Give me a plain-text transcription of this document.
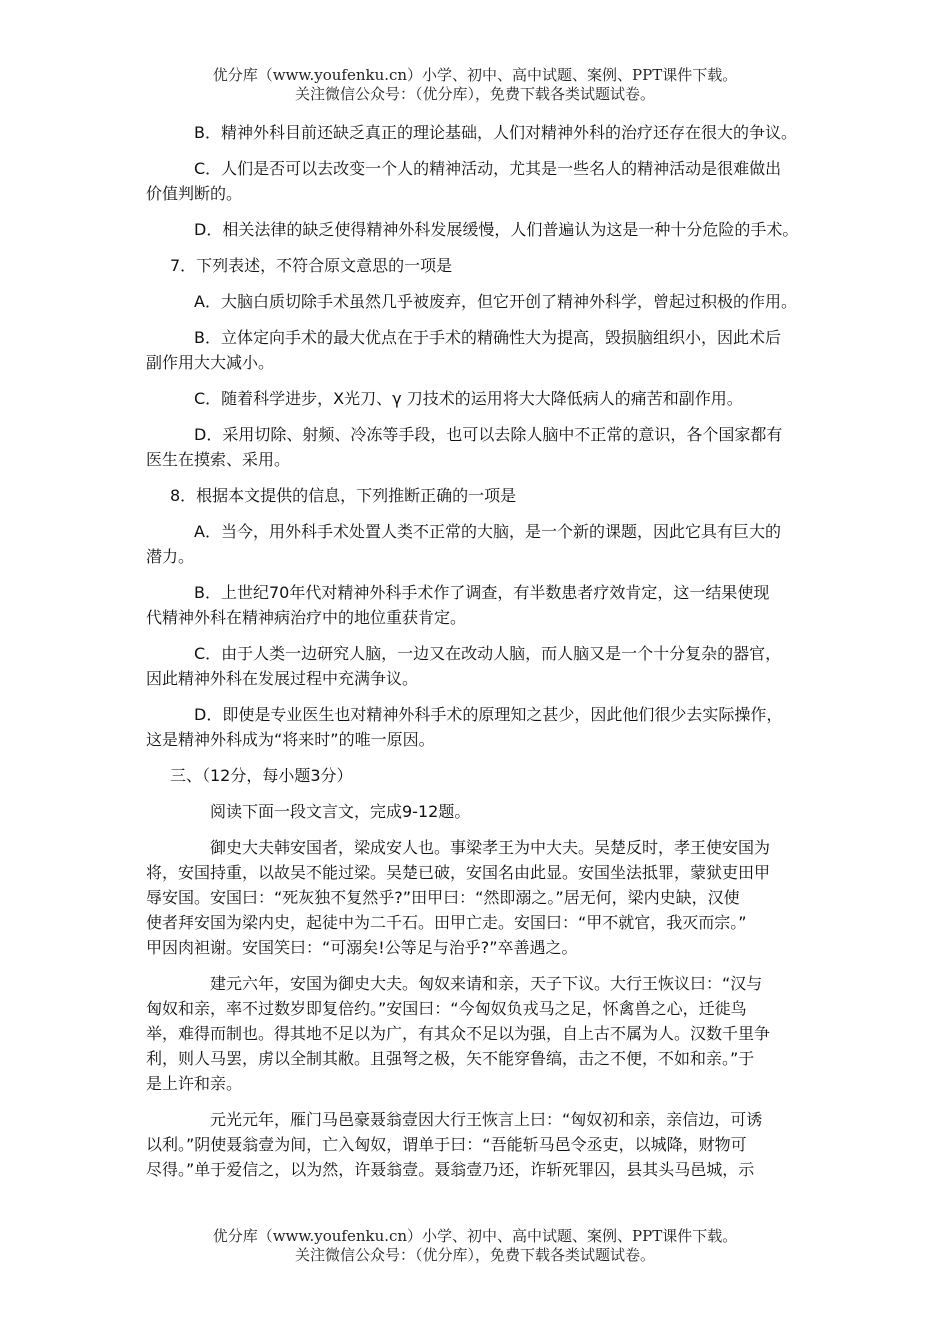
优分库（www.youfenku.cn）小学、初中、高中试题、案例、PPT课件下载。
关注微信公众号：（优分库），免费下载各类试题试卷。

B．精神外科目前还缺乏真正的理论基础，人们对精神外科的治疗还存在很大的争议。

C．人们是否可以去改变一个人的精神活动，尤其是一些名人的精神活动是很难做出
价值判断的。

D．相关法律的缺乏使得精神外科发展缓慢，人们普遍认为这是一种十分危险的手术。

7．下列表述，不符合原文意思的一项是

A．大脑白质切除手术虽然几乎被废弃，但它开创了精神外科学，曾起过积极的作用。

B．立体定向手术的最大优点在于手术的精确性大为提高，毁损脑组织小，因此术后
副作用大大减小。

C．随着科学进步，X光刀、γ 刀技术的运用将大大降低病人的痛苦和副作用。

D．采用切除、射频、冷冻等手段，也可以去除人脑中不正常的意识，各个国家都有
医生在摸索、采用。

8．根据本文提供的信息，下列推断正确的一项是

A．当今，用外科手术处置人类不正常的大脑，是一个新的课题，因此它具有巨大的
潜力。

B．上世纪70年代对精神外科手术作了调查，有半数患者疗效肯定，这一结果使现
代精神外科在精神病治疗中的地位重获肯定。

C．由于人类一边研究人脑，一边又在改动人脑，而人脑又是一个十分复杂的器官，
因此精神外科在发展过程中充满争议。

D．即使是专业医生也对精神外科手术的原理知之甚少，因此他们很少去实际操作，
这是精神外科成为“将来时”的唯一原因。

三、（12分，每小题3分）

阅读下面一段文言文，完成9-12题。

御史大夫韩安国者，梁成安人也。事梁孝王为中大夫。吴楚反时，孝王使安国为
将，安国持重，以故吴不能过梁。吴楚已破，安国名由此显。安国坐法抵罪，蒙狱吏田甲
辱安国。安国曰：“死灰独不复然乎?”田甲曰：“然即溺之。”居无何，梁内史缺，汉使
使者拜安国为梁内史，起徒中为二千石。田甲亡走。安国曰：“甲不就官，我灭而宗。”
甲因肉袒谢。安国笑曰：“可溺矣!公等足与治乎?”卒善遇之。

建元六年，安国为御史大夫。匈奴来请和亲，天子下议。大行王恢议曰：“汉与
匈奴和亲，率不过数岁即复倍约。”安国曰：“今匈奴负戎马之足，怀禽兽之心，迁徙鸟
举，难得而制也。得其地不足以为广，有其众不足以为强，自上古不属为人。汉数千里争
利，则人马罢，虏以全制其敝。且强弩之极，矢不能穿鲁缟，击之不便，不如和亲。”于
是上许和亲。

元光元年，雁门马邑豪聂翁壹因大行王恢言上曰：“匈奴初和亲，亲信边，可诱
以利。”阴使聂翁壹为间，亡入匈奴，谓单于曰：“吾能斩马邑令丞吏，以城降，财物可
尽得。”单于爱信之，以为然，许聂翁壹。聂翁壹乃还，诈斩死罪囚，县其头马邑城，示

优分库（www.youfenku.cn）小学、初中、高中试题、案例、PPT课件下载。
关注微信公众号：（优分库），免费下载各类试题试卷。
